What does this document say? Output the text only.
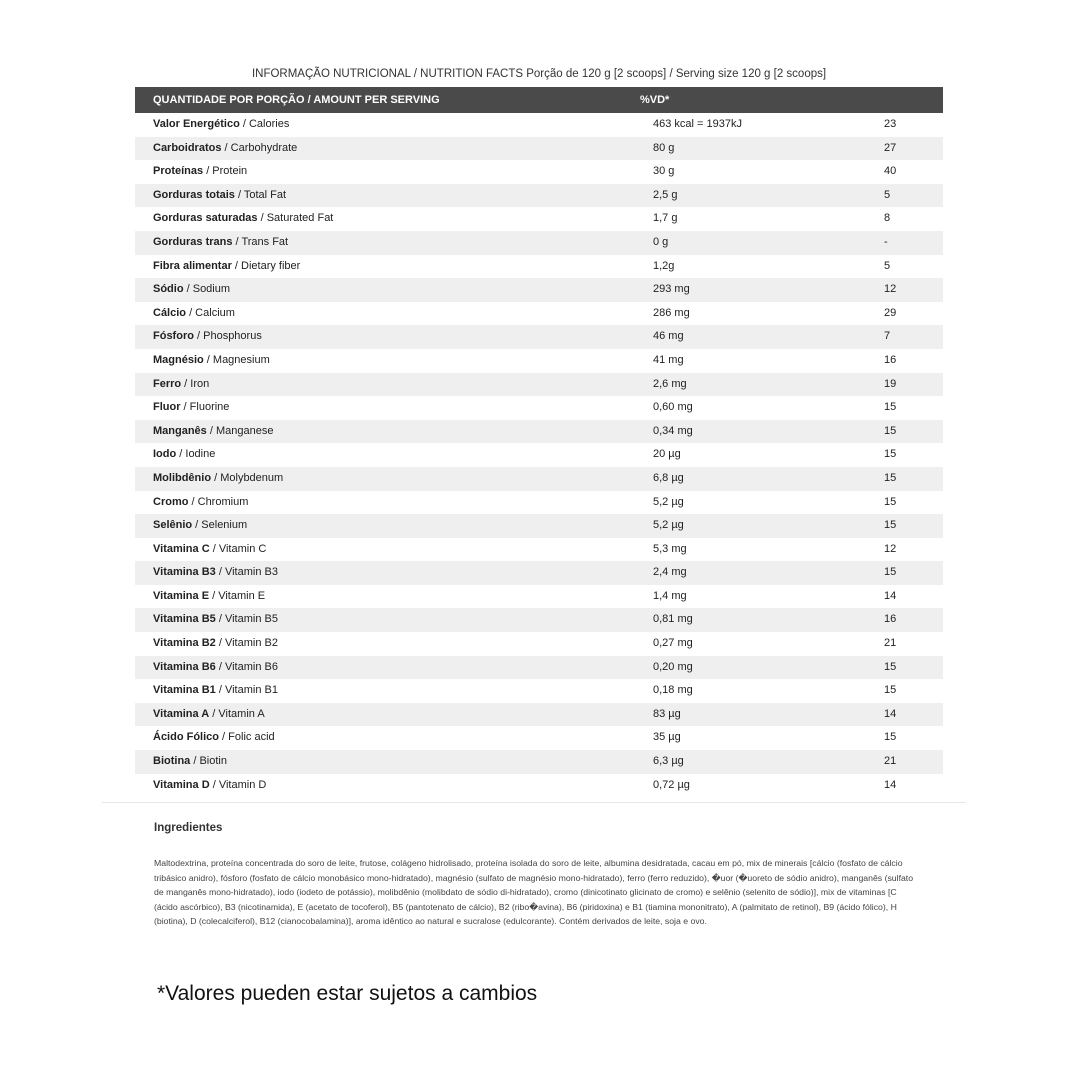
INFORMAÇÃO NUTRICIONAL / NUTRITION FACTS Porção de 120 g [2 scoops] / Serving size 120 g [2 scoops]
QUANTIDADE POR PORÇÃO / AMOUNT PER SERVING	%VD*
Valor Energético / Calories	463 kcal = 1937kJ	23
Carboidratos / Carbohydrate	80 g	27
Proteínas / Protein	30 g	40
Gorduras totais / Total Fat	2,5 g	5
Gorduras saturadas / Saturated Fat	1,7 g	8
Gorduras trans / Trans Fat	0 g	-
Fibra alimentar / Dietary fiber	1,2g	5
Sódio / Sodium	293 mg	12
Cálcio / Calcium	286 mg	29
Fósforo / Phosphorus	46 mg	7
Magnésio / Magnesium	41 mg	16
Ferro / Iron	2,6 mg	19
Fluor / Fluorine	0,60 mg	15
Manganês / Manganese	0,34 mg	15
Iodo / Iodine	20 µg	15
Molibdênio / Molybdenum	6,8 µg	15
Cromo / Chromium	5,2 µg	15
Selênio / Selenium	5,2 µg	15
Vitamina C / Vitamin C	5,3 mg	12
Vitamina B3 / Vitamin B3	2,4 mg	15
Vitamina E / Vitamin E	1,4 mg	14
Vitamina B5 / Vitamin B5	0,81 mg	16
Vitamina B2 / Vitamin B2	0,27 mg	21
Vitamina B6 / Vitamin B6	0,20 mg	15
Vitamina B1 / Vitamin B1	0,18 mg	15
Vitamina A / Vitamin A	83 µg	14
Ácido Fólico / Folic acid	35 µg	15
Biotina / Biotin	6,3 µg	21
Vitamina D / Vitamin D	0,72 µg	14
Ingredientes
Maltodextrina, proteína concentrada do soro de leite, frutose, colágeno hidrolisado, proteína isolada do soro de leite, albumina desidratada, cacau em pó, mix de minerais [cálcio (fosfato de cálcio tribásico anidro), fósforo (fosfato de cálcio monobásico mono-hidratado), magnésio (sulfato de magnésio mono-hidratado), ferro (ferro reduzido), �uor (�uoreto de sódio anidro), manganês (sulfato de manganês mono-hidratado), iodo (iodeto de potássio), molibdênio (molibdato de sódio di-hidratado), cromo (dinicotinato glicinato de cromo) e selênio (selenito de sódio)], mix de vitaminas [C (ácido ascórbico), B3 (nicotinamida), E (acetato de tocoferol), B5 (pantotenato de cálcio), B2 (ribo�avina), B6 (piridoxina) e B1 (tiamina mononitrato), A (palmitato de retinol), B9 (ácido fólico), H (biotina), D (colecalciferol), B12 (cianocobalamina)], aroma idêntico ao natural e sucralose (edulcorante). Contém derivados de leite, soja e ovo.
*Valores pueden estar sujetos a cambios
